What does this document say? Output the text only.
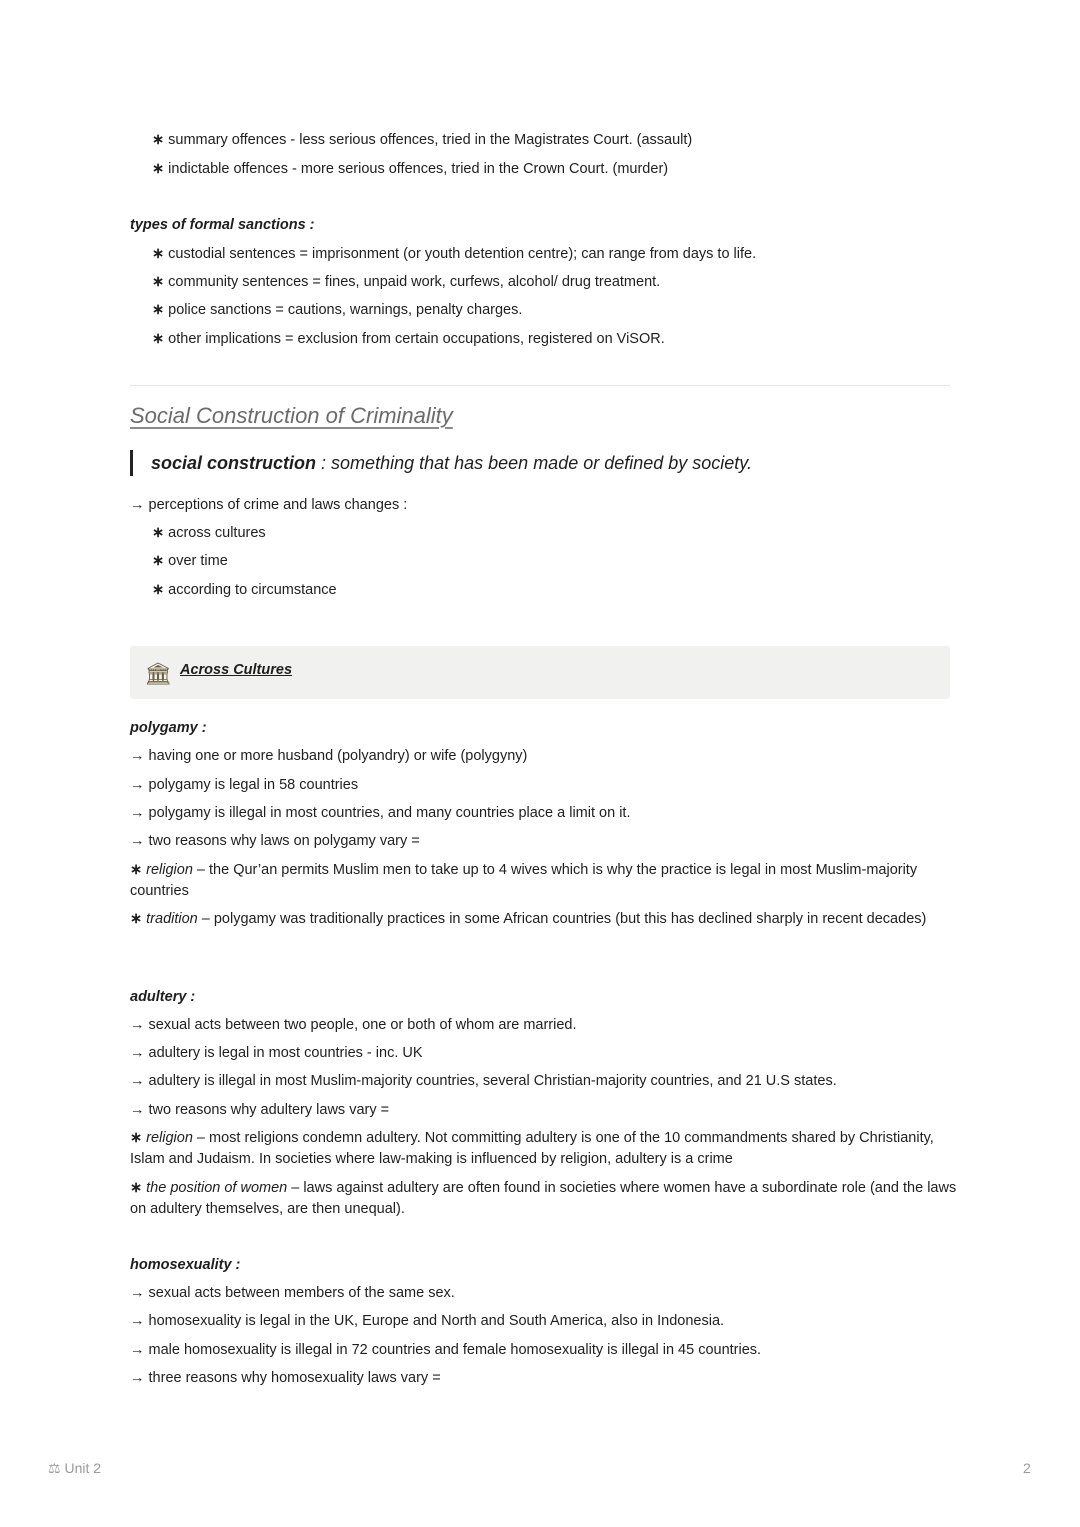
∗ summary offences - less serious offences, tried in the Magistrates Court. (assault)
∗ indictable offences - more serious offences, tried in the Crown Court. (murder)
types of formal sanctions :
∗ custodial sentences = imprisonment (or youth detention centre); can range from days to life.
∗ community sentences = fines, unpaid work, curfews, alcohol/ drug treatment.
∗ police sanctions = cautions, warnings, penalty charges.
∗ other implications = exclusion from certain occupations, registered on ViSOR.
Social Construction of Criminality
social construction : something that has been made or defined by society.
→ perceptions of crime and laws changes :
∗ across cultures
∗ over time
∗ according to circumstance
🏛 Across Cultures
polygamy :
→ having one or more husband (polyandry) or wife (polygyny)
→ polygamy is legal in 58 countries
→ polygamy is illegal in most countries, and many countries place a limit on it.
→ two reasons why laws on polygamy vary =
∗ religion – the Qur’an permits Muslim men to take up to 4 wives which is why the practice is legal in most Muslim-majority countries
∗ tradition – polygamy was traditionally practices in some African countries (but this has declined sharply in recent decades)
adultery :
→ sexual acts between two people, one or both of whom are married.
→ adultery is legal in most countries - inc. UK
→ adultery is illegal in most Muslim-majority countries, several Christian-majority countries, and 21 U.S states.
→ two reasons why adultery laws vary =
∗ religion – most religions condemn adultery. Not committing adultery is one of the 10 commandments shared by Christianity, Islam and Judaism. In societies where law-making is influenced by religion, adultery is a crime
∗ the position of women – laws against adultery are often found in societies where women have a subordinate role (and the laws on adultery themselves, are then unequal).
homosexuality :
→ sexual acts between members of the same sex.
→ homosexuality is legal in the UK, Europe and North and South America, also in Indonesia.
→ male homosexuality is illegal in 72 countries and female homosexuality is illegal in 45 countries.
→ three reasons why homosexuality laws vary =
⚖ Unit 2	2
